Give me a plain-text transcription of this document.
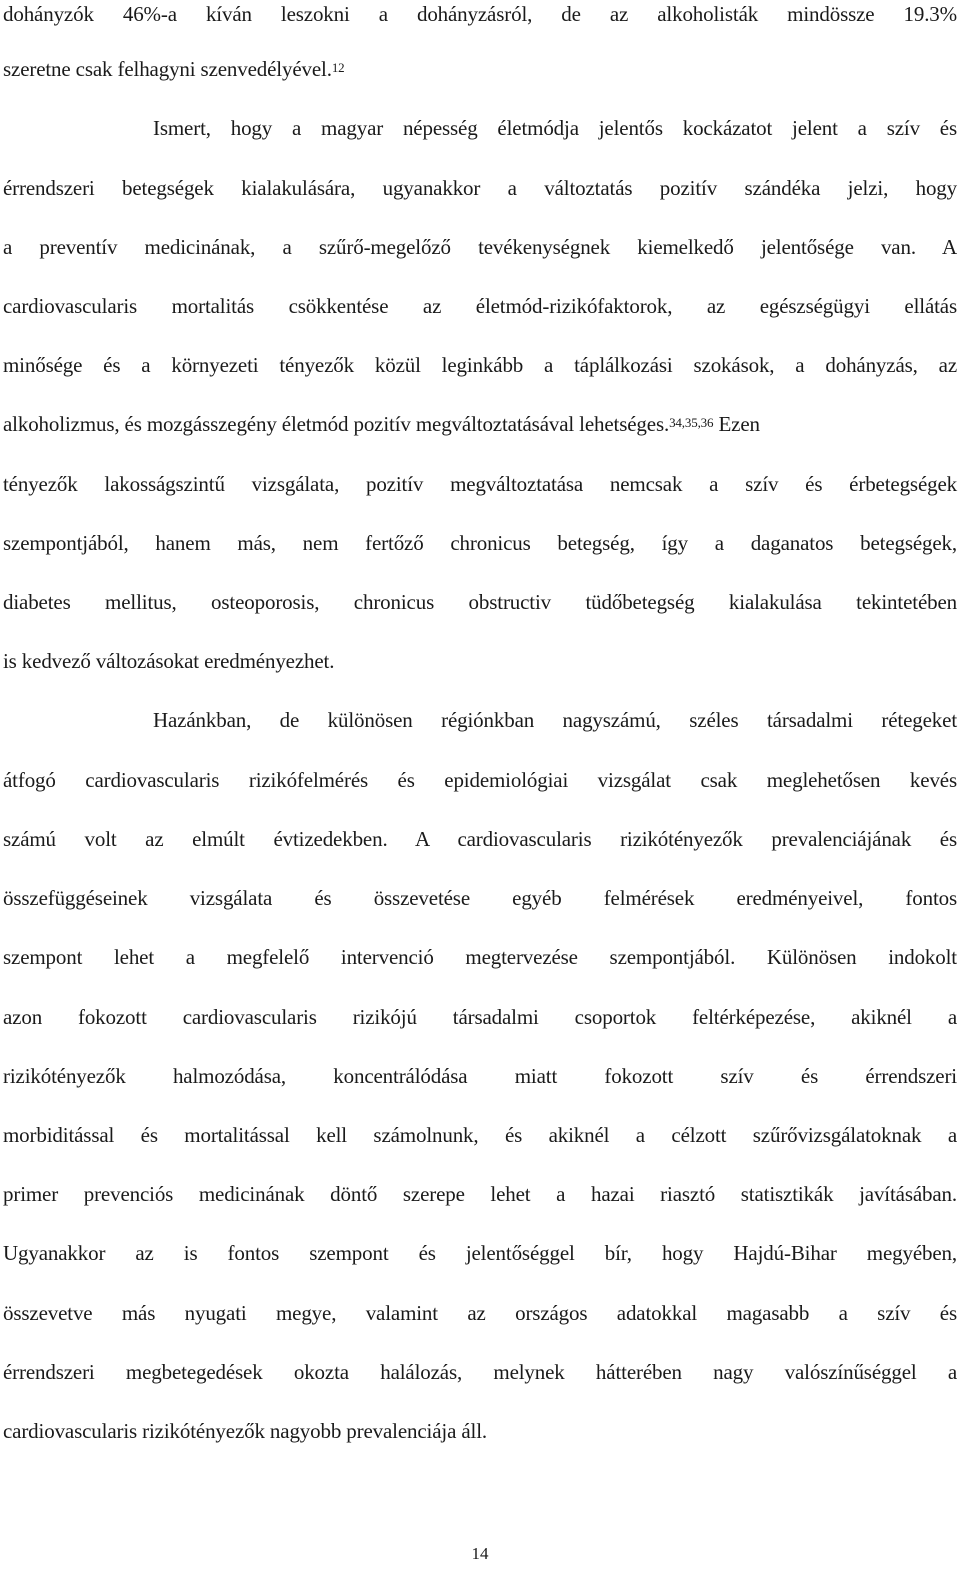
dohányzók 46%-a kíván leszokni a dohányzásról, de az alkoholisták mindössze 19.3%
szeretne csak felhagyni szenvedélyével.$^{12}$
Ismert, hogy a magyar népesség életmódja jelentős kockázatot jelent a szív és
érrendszeri betegségek kialakulására, ugyanakkor a változtatás pozitív szándéka jelzi, hogy
a preventív medicinának, a szűrő-megelőző tevékenységnek kiemelkedő jelentősége van. A
cardiovascularis mortalitás csökkentése az életmód-rizikófaktorok, az egészségügyi ellátás
minősége és a környezeti tényezők közül leginkább a táplálkozási szokások, a dohányzás, az
alkoholizmus, és mozgásszegény életmód pozitív megváltoztatásával lehetséges.$^{34,35,36}$ Ezen
tényezők lakosságszintű vizsgálata, pozitív megváltoztatása nemcsak a szív és érbetegségek
szempontjából, hanem más, nem fertőző chronicus betegség, így a daganatos betegségek,
diabetes mellitus, osteoporosis, chronicus obstructiv tüdőbetegség kialakulása tekintetében
is kedvező változásokat eredményezhet.
Hazánkban, de különösen régiónkban nagyszámú, széles társadalmi rétegeket
átfogó cardiovascularis rizikófelmérés és epidemiológiai vizsgálat csak meglehetősen kevés
számú volt az elmúlt évtizedekben. A cardiovascularis rizikótényezők prevalenciájának és
összefüggéseinek vizsgálata és összevetése egyéb felmérések eredményeivel, fontos
szempont lehet a megfelelő intervenció megtervezése szempontjából. Különösen indokolt
azon fokozott cardiovascularis rizikójú társadalmi csoportok feltérképezése, akiknél a
rizikótényezők halmozódása, koncentrálódása miatt fokozott szív és érrendszeri
morbiditással és mortalitással kell számolnunk, és akiknél a célzott szűrővizsgálatoknak a
primer prevenciós medicinának döntő szerepe lehet a hazai riasztó statisztikák javításában.
Ugyanakkor az is fontos szempont és jelentőséggel bír, hogy Hajdú-Bihar megyében,
összevetve más nyugati megye, valamint az országos adatokkal magasabb a szív és
érrendszeri megbetegedések okozta halálozás, melynek hátterében nagy valószínűséggel a
cardiovascularis rizikótényezők nagyobb prevalenciája áll.
14
